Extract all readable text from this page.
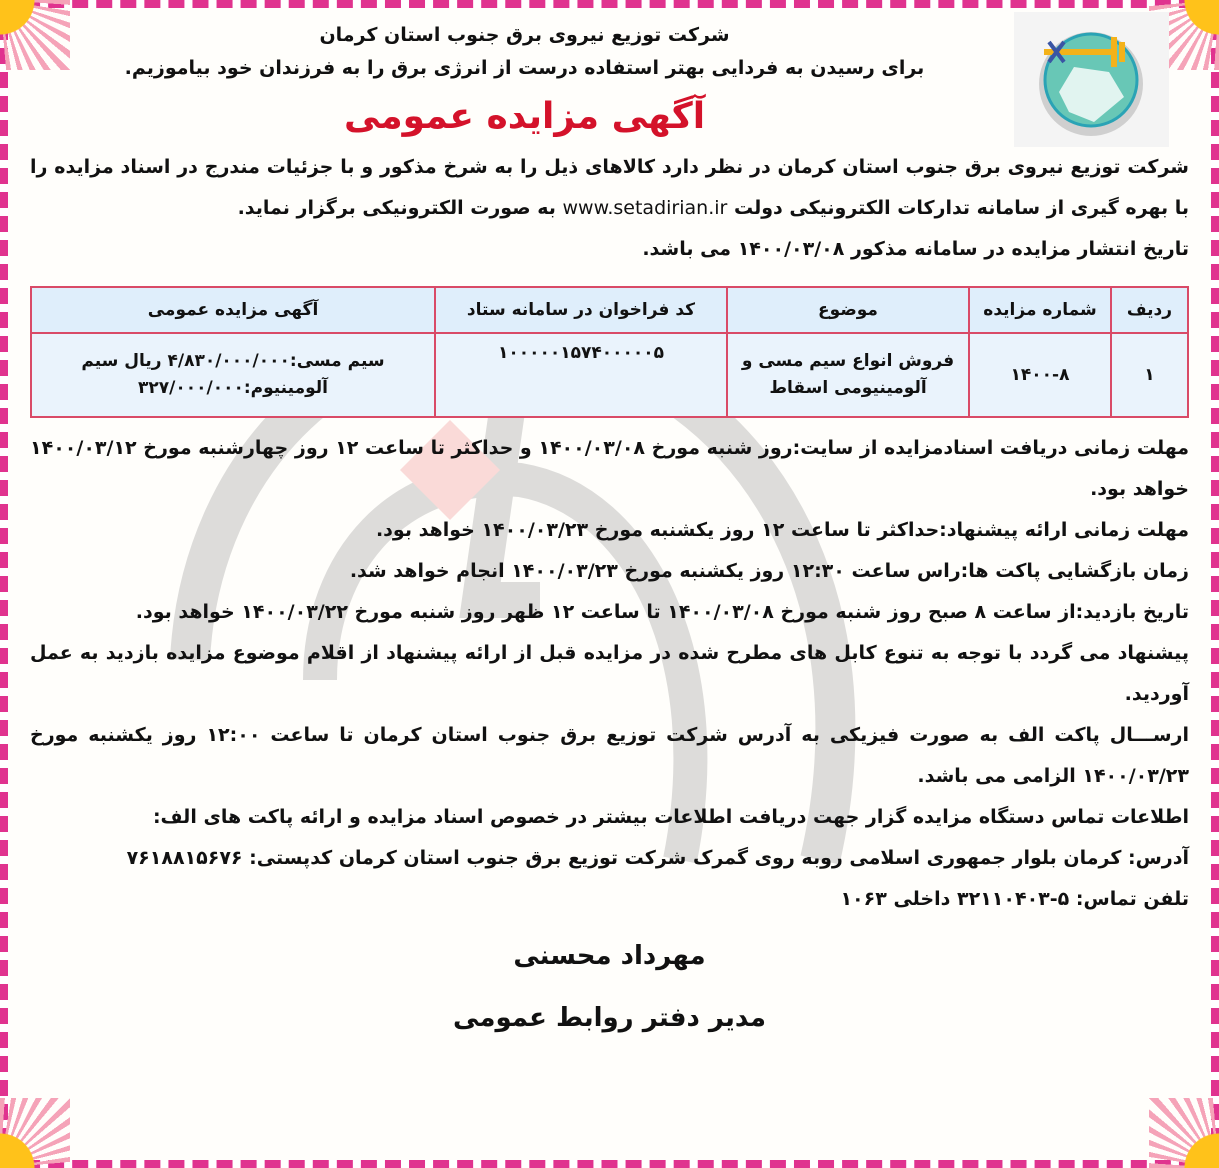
شرکت توزیع نیروی برق جنوب استان کرمان
برای رسیدن به فردایی بهتر استفاده درست از انرژی برق را به فرزندان خود بیاموزیم.
آگهی مزایده عمومی

شرکت توزیع نیروی برق جنوب استان کرمان در نظر دارد کالاهای ذیل را به شرخ مذکور و با جزئیات مندرج در اسناد مزایده را با بهره گیری از سامانه تدارکات الکترونیکی دولت www.setadirian.ir به صورت الکترونیکی برگزار نماید.

تاریخ انتشار مزایده در سامانه مذکور ۱۴۰۰/۰۳/۰۸ می باشد.

ردیف	شماره مزایده	موضوع	کد فراخوان در سامانه ستاد	آگهی مزایده عمومی
۱	۱۴۰۰-۸	فروش انواع سیم مسی و آلومینیومی اسقاط	۱۰۰۰۰۰۱۵۷۴۰۰۰۰۰۵	سیم مسی:۴/۸۳۰/۰۰۰/۰۰۰ ریال سیم آلومینیوم:۳۲۷/۰۰۰/۰۰۰

مهلت زمانی دریافت اسنادمزایده از سایت:روز شنبه مورخ ۱۴۰۰/۰۳/۰۸ و حداکثر تا ساعت ۱۲ روز چهارشنبه مورخ ۱۴۰۰/۰۳/۱۲ خواهد بود.

مهلت زمانی ارائه پیشنهاد:حداکثر تا ساعت ۱۲ روز یکشنبه مورخ ۱۴۰۰/۰۳/۲۳ خواهد بود.

زمان بازگشایی پاکت ها:راس ساعت ۱۲:۳۰ روز یکشنبه مورخ ۱۴۰۰/۰۳/۲۳ انجام خواهد شد.

تاریخ بازدید:از ساعت ۸ صبح روز شنبه مورخ ۱۴۰۰/۰۳/۰۸ تا ساعت ۱۲ ظهر روز شنبه مورخ ۱۴۰۰/۰۳/۲۲ خواهد بود.

پیشنهاد می گردد با توجه به تنوع کابل های مطرح شده در مزایده قبل از ارائه پیشنهاد از اقلام موضوع مزایده بازدید به عمل آوردید.

ارســـال پاکت الف به صورت فیزیکی به آدرس شرکت توزیع برق جنوب استان کرمان تا ساعت ۱۲:۰۰ روز یکشنبه مورخ ۱۴۰۰/۰۳/۲۳ الزامی می باشد.

اطلاعات تماس دستگاه مزایده گزار جهت دریافت اطلاعات بیشتر در خصوص اسناد مزایده و ارائه پاکت های الف:

آدرس: کرمان بلوار جمهوری اسلامی روبه روی گمرک شرکت توزیع برق جنوب استان کرمان کدپستی: ۷۶۱۸۸۱۵۶۷۶

تلفن تماس: ۵-۳۲۱۱۰۴۰۳ داخلی ۱۰۶۳

مهرداد محسنی
مدیر دفتر روابط عمومی
